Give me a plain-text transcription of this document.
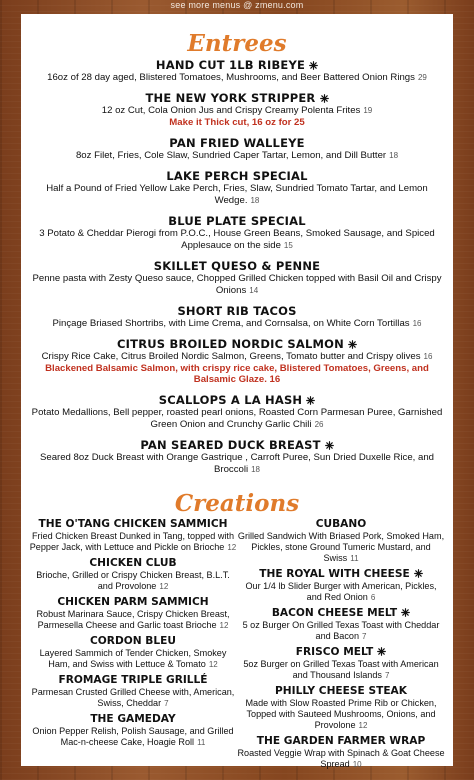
see more menus @ zmenu.com
Entrees
HAND CUT 1LB RIBEYE
16oz of 28 day aged, Blistered Tomatoes, Mushrooms, and Beer Battered Onion Rings 29
THE NEW YORK STRIPPER
12 oz Cut, Cola Onion Jus and Crispy Creamy Polenta Frites 19
Make it Thick cut, 16 oz for 25
PAN FRIED WALLEYE
8oz Filet, Fries, Cole Slaw, Sundried Caper Tartar, Lemon, and Dill Butter 18
LAKE PERCH SPECIAL
Half a Pound of Fried Yellow Lake Perch, Fries, Slaw, Sundried Tomato Tartar, and Lemon Wedge. 18
BLUE PLATE SPECIAL
3 Potato & Cheddar Pierogi from P.O.C., House Green Beans, Smoked Sausage, and Spiced Applesauce on the side 15
SKILLET QUESO & PENNE
Penne pasta with Zesty Queso sauce, Chopped Grilled Chicken topped with Basil Oil and Crispy Onions 14
SHORT RIB TACOS
Pinçage Briased Shortribs, with Lime Crema, and Cornsalsa, on White Corn Tortillas 16
CITRUS BROILED NORDIC SALMON
Crispy Rice Cake, Citrus Broiled Nordic Salmon, Greens, Tomato butter and Crispy olives 16
Blackened Balsamic Salmon, with crispy rice cake, Blistered Tomatoes, Greens, and Balsamic Glaze. 16
SCALLOPS A LA HASH
Potato Medallions, Bell pepper, roasted pearl onions, Roasted Corn Parmesan Puree, Garnished Green Onion and Crunchy Garlic Chili 26
PAN SEARED DUCK BREAST
Seared 8oz Duck Breast with Orange Gastrique , Carroft Puree, Sun Dried Duxelle Rice, and Broccoli 18
Creations
THE O'TANG CHICKEN SAMMICH
Fried Chicken Breast Dunked in Tang, topped with Pepper Jack, with Lettuce and Pickle on Brioche 12
CHICKEN CLUB
Brioche, Grilled or Crispy Chicken Breast, B.L.T. and Provolone 12
CHICKEN PARM SAMMICH
Robust Marinara Sauce, Crispy Chicken Breast, Parmesella Cheese and Garlic toast Brioche 12
CORDON BLEU
Layered Sammich of Tender Chicken, Smokey Ham, and Swiss with Lettuce & Tomato 12
FROMAGE TRIPLE GRILLÉ
Parmesan Crusted Grilled Cheese with, American, Swiss, Cheddar 7
THE GAMEDAY
Onion Pepper Relish, Polish Sausage, and Grilled Mac-n-cheese Cake, Hoagie Roll 11
CUBANO
Grilled Sandwich With Briased Pork, Smoked Ham, Pickles, stone Ground Tumeric Mustard, and Swiss 11
THE ROYAL WITH CHEESE
Our 1/4 lb Slider Burger with American, Pickles, and Red Onion 6
BACON CHEESE MELT
5 oz Burger On Grilled Texas Toast with Cheddar and Bacon 7
FRISCO MELT
5oz Burger on Grilled Texas Toast with American and Thousand Islands 7
PHILLY CHEESE STEAK
Made with Slow Roasted Prime Rib or Chicken, Topped with Sauteed Mushrooms, Onions, and Provolone 12
THE GARDEN FARMER WRAP
Roasted Veggie Wrap with Spinach & Goat Cheese Spread 10
